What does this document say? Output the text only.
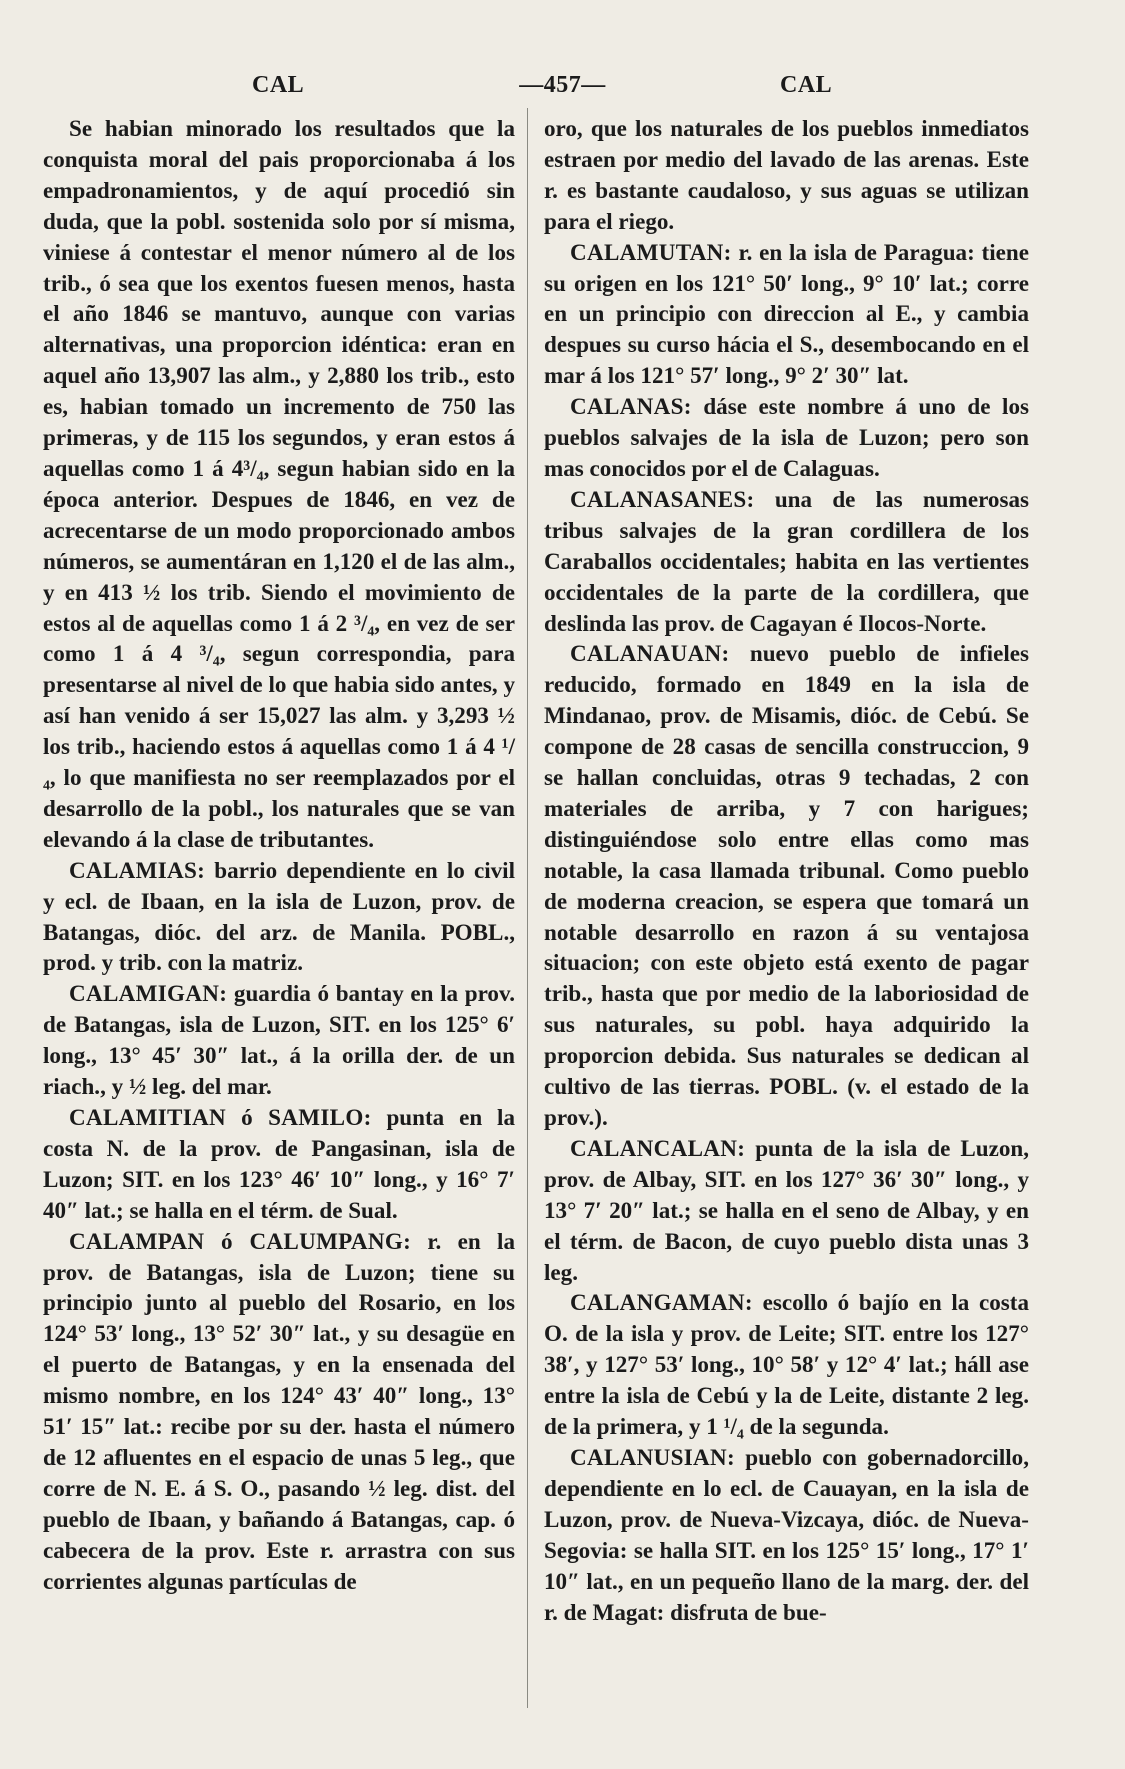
—457—
CAL	CAL

Se habian minorado los resultados que la conquista moral del pais proporcionaba á los empadronamientos, y de aquí procedió sin duda, que la pobl. sostenida solo por sí misma, viniese á contestar el menor número al de los trib., ó sea que los exentos fuesen menos, hasta el año 1846 se mantuvo, aunque con varias alternativas, una proporcion idéntica: eran en aquel año 13,907 las alm., y 2,880 los trib., esto es, habian tomado un incremento de 750 las primeras, y de 115 los segundos, y eran estos á aquellas como 1 á 4³/₄, segun habian sido en la época anterior. Despues de 1846, en vez de acrecentarse de un modo proporcionado ambos números, se aumentáran en 1,120 el de las alm., y en 413 ½ los trib. Siendo el movimiento de estos al de aquellas como 1 á 2 ³/₄, en vez de ser como 1 á 4 ³/₄, segun correspondia, para presentarse al nivel de lo que habia sido antes, y así han venido á ser 15,027 las alm. y 3,293 ½ los trib., haciendo estos á aquellas como 1 á 4 ¹/₄, lo que manifiesta no ser reemplazados por el desarrollo de la pobl., los naturales que se van elevando á la clase de tributantes.

CALAMIAS: barrio dependiente en lo civil y ecl. de Ibaan, en la isla de Luzon, prov. de Batangas, dióc. del arz. de Manila. POBL., prod. y trib. con la matriz.

CALAMIGAN: guardia ó bantay en la prov. de Batangas, isla de Luzon, SIT. en los 125° 6′ long., 13° 45′ 30″ lat., á la orilla der. de un riach., y ½ leg. del mar.

CALAMITIAN ó SAMILO: punta en la costa N. de la prov. de Pangasinan, isla de Luzon; SIT. en los 123° 46′ 10″ long., y 16° 7′ 40″ lat.; se halla en el térm. de Sual.

CALAMPAN ó CALUMPANG: r. en la prov. de Batangas, isla de Luzon; tiene su principio junto al pueblo del Rosario, en los 124° 53′ long., 13° 52′ 30″ lat., y su desagüe en el puerto de Batangas, y en la ensenada del mismo nombre, en los 124° 43′ 40″ long., 13° 51′ 15″ lat.: recibe por su der. hasta el número de 12 afluentes en el espacio de unas 5 leg., que corre de N. E. á S. O., pasando ½ leg. dist. del pueblo de Ibaan, y bañando á Batangas, cap. ó cabecera de la prov. Este r. arrastra con sus corrientes algunas partículas de

oro, que los naturales de los pueblos inmediatos estraen por medio del lavado de las arenas. Este r. es bastante caudaloso, y sus aguas se utilizan para el riego.

CALAMUTAN: r. en la isla de Paragua: tiene su origen en los 121° 50′ long., 9° 10′ lat.; corre en un principio con direccion al E., y cambia despues su curso hácia el S., desembocando en el mar á los 121° 57′ long., 9° 2′ 30″ lat.

CALANAS: dáse este nombre á uno de los pueblos salvajes de la isla de Luzon; pero son mas conocidos por el de Calaguas.

CALANASANES: una de las numerosas tribus salvajes de la gran cordillera de los Caraballos occidentales; habita en las vertientes occidentales de la parte de la cordillera, que deslinda las prov. de Cagayan é Ilocos-Norte.

CALANAUAN: nuevo pueblo de infieles reducido, formado en 1849 en la isla de Mindanao, prov. de Misamis, dióc. de Cebú. Se compone de 28 casas de sencilla construccion, 9 se hallan concluidas, otras 9 techadas, 2 con materiales de arriba, y 7 con harigues; distinguiéndose solo entre ellas como mas notable, la casa llamada tribunal. Como pueblo de moderna creacion, se espera que tomará un notable desarrollo en razon á su ventajosa situacion; con este objeto está exento de pagar trib., hasta que por medio de la laboriosidad de sus naturales, su pobl. haya adquirido la proporcion debida. Sus naturales se dedican al cultivo de las tierras. POBL. (v. el estado de la prov.).

CALANCALAN: punta de la isla de Luzon, prov. de Albay, SIT. en los 127° 36′ 30″ long., y 13° 7′ 20″ lat.; se halla en el seno de Albay, y en el térm. de Bacon, de cuyo pueblo dista unas 3 leg.

CALANGAMAN: escollo ó bajío en la costa O. de la isla y prov. de Leite; SIT. entre los 127° 38′, y 127° 53′ long., 10° 58′ y 12° 4′ lat.; háll ase entre la isla de Cebú y la de Leite, distante 2 leg. de la primera, y 1 ¹/₄ de la segunda.

CALANUSIAN: pueblo con gobernadorcillo, dependiente en lo ecl. de Cauayan, en la isla de Luzon, prov. de Nueva-Vizcaya, dióc. de Nueva-Segovia: se halla SIT. en los 125° 15′ long., 17° 1′ 10″ lat., en un pequeño llano de la marg. der. del r. de Magat: disfruta de bue-
